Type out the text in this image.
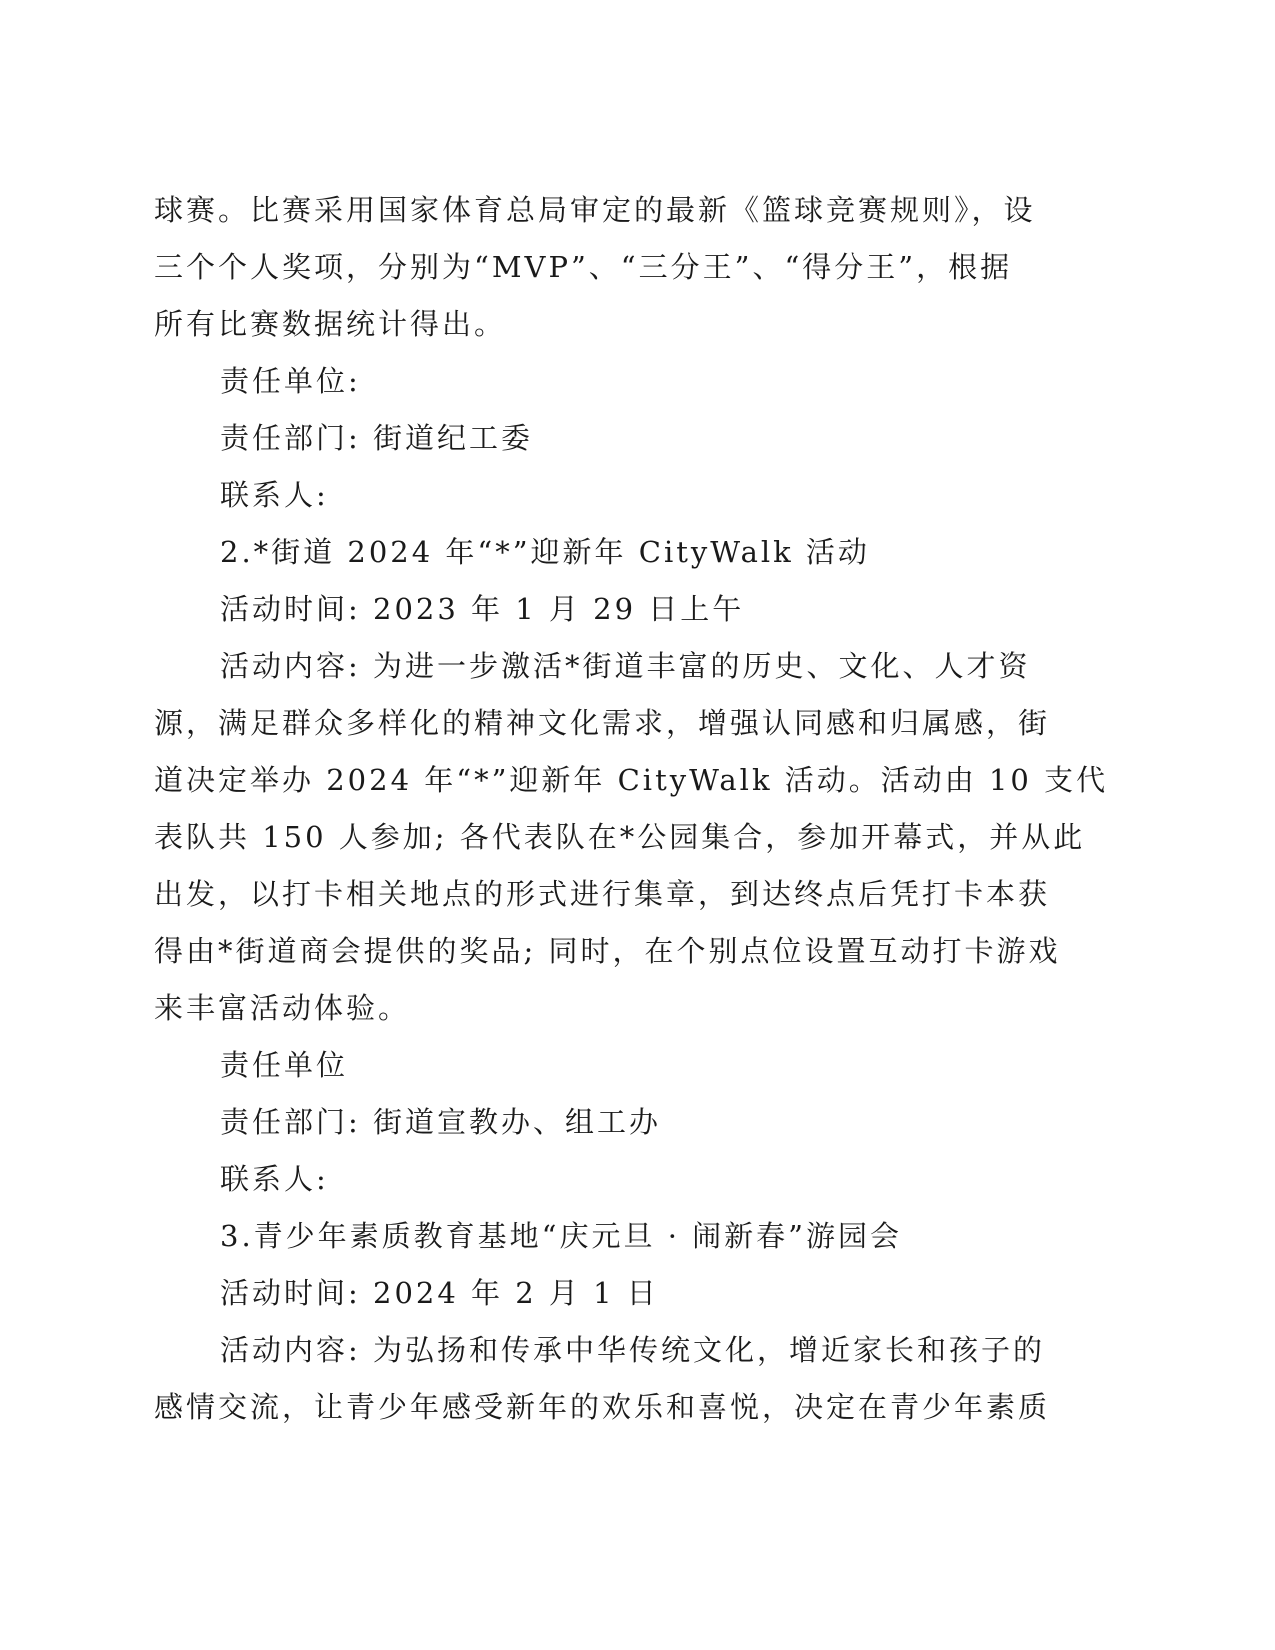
球赛。比赛采用国家体育总局审定的最新《篮球竞赛规则》，设
三个个人奖项，分别为“MVP”、“三分王”、“得分王”，根据
所有比赛数据统计得出。
责任单位:
责任部门: 街道纪工委
联系人:
2.*街道 2024 年“*”迎新年 CityWalk 活动
活动时间: 2023 年 1 月 29 日上午
活动内容: 为进一步激活*街道丰富的历史、文化、人才资
源，满足群众多样化的精神文化需求，增强认同感和归属感，街
道决定举办 2024 年“*”迎新年 CityWalk 活动。活动由 10 支代
表队共 150 人参加; 各代表队在*公园集合，参加开幕式，并从此
出发，以打卡相关地点的形式进行集章，到达终点后凭打卡本获
得由*街道商会提供的奖品; 同时，在个别点位设置互动打卡游戏
来丰富活动体验。
责任单位
责任部门: 街道宣教办、组工办
联系人:
3.青少年素质教育基地“庆元旦 · 闹新春”游园会
活动时间: 2024 年 2 月 1 日
活动内容: 为弘扬和传承中华传统文化，增近家长和孩子的
感情交流，让青少年感受新年的欢乐和喜悦，决定在青少年素质
